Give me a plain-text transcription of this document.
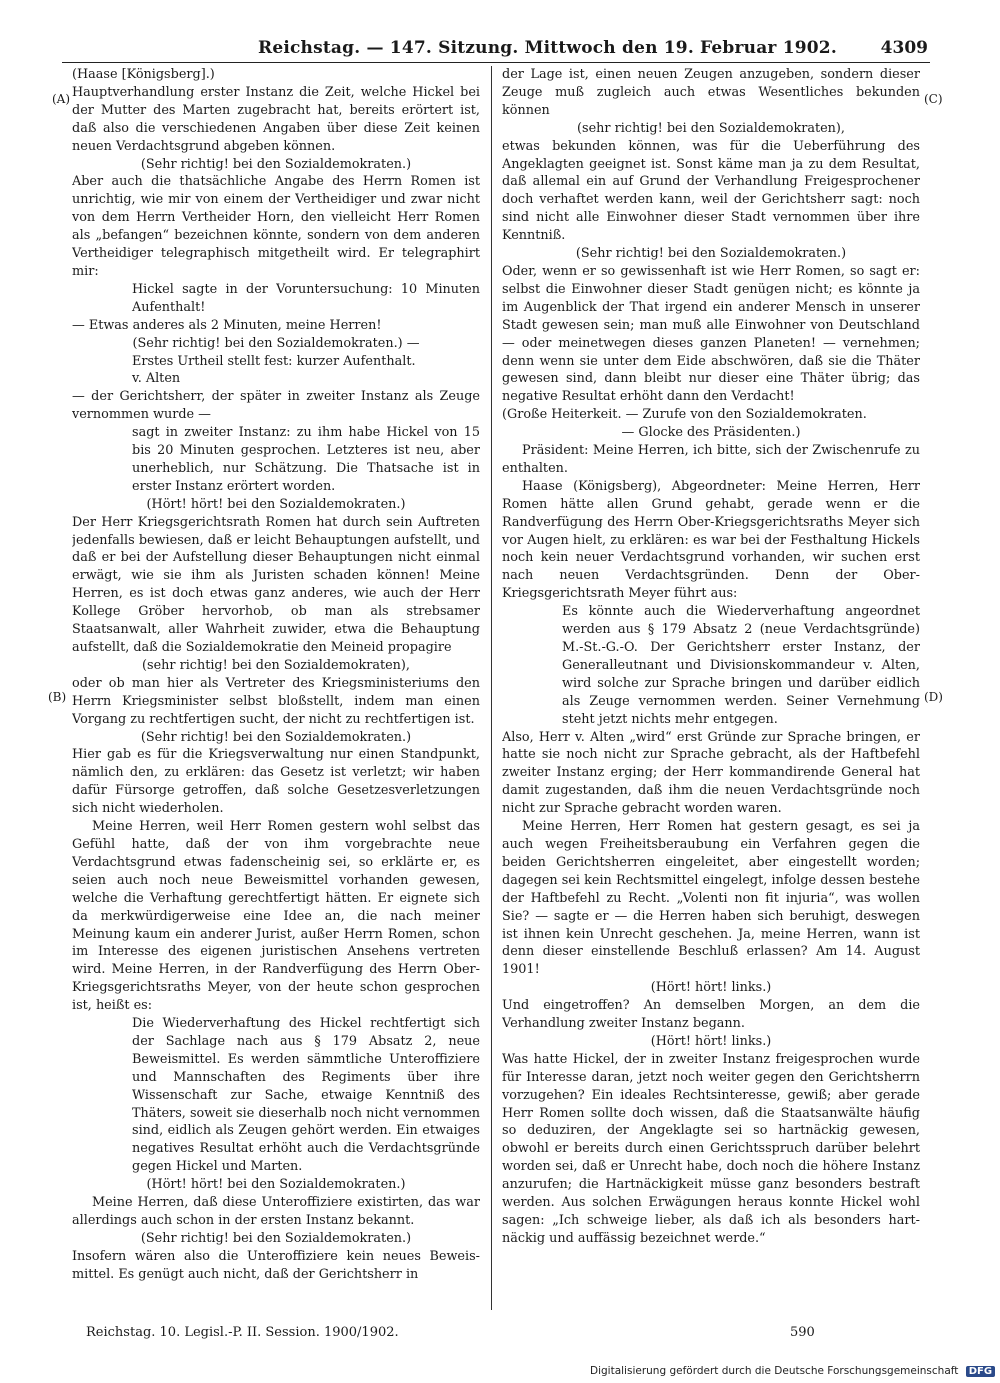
Reichstag. — 147. Sitzung. Mittwoch den 19. Februar 1902.	4309
(A)
(B)
(C)
(D)

(Haase [Königsberg].)

Hauptverhandlung erster Instanz die Zeit, welche Hickel bei der Mutter des Marten zugebracht hat, bereits erörtert ist, daß also die verschiedenen Angaben über diese Zeit keinen neuen Verdachtsgrund abgeben können.

(Sehr richtig! bei den Sozialdemokraten.)

Aber auch die thatsächliche Angabe des Herrn Romen ist unrichtig, wie mir von einem der Vertheidiger und zwar nicht von dem Herrn Vertheider Horn, den vielleicht Herr Romen als „befangen“ bezeichnen könnte, sondern von dem anderen Vertheidiger telegraphisch mitgetheilt wird. Er telegraphirt mir:

Hickel sagte in der Voruntersuchung: 10 Minuten Aufenthalt!

— Etwas anderes als 2 Minuten, meine Herren!

(Sehr richtig! bei den Sozialdemokraten.) —

Erstes Urtheil stellt fest: kurzer Aufenthalt.

v. Alten

— der Gerichtsherr, der später in zweiter Instanz als Zeuge vernommen wurde —

sagt in zweiter Instanz: zu ihm habe Hickel von 15 bis 20 Minuten gesprochen. Letzteres ist neu, aber unerheblich, nur Schätzung. Die Thatsache ist in erster Instanz erörtert worden.

(Hört! hört! bei den Sozialdemokraten.)

Der Herr Kriegsgerichtsrath Romen hat durch sein Auftreten jedenfalls bewiesen, daß er leicht Behauptungen aufstellt, und daß er bei der Aufstellung dieser Behauptungen nicht einmal erwägt, wie sie ihm als Juristen schaden können! Meine Herren, es ist doch etwas ganz anderes, wie auch der Herr Kollege Gröber hervorhob, ob man als strebsamer Staatsanwalt, aller Wahrheit zuwider, etwa die Behauptung aufstellt, daß die Sozialdemokratie den Meineid propagire

(sehr richtig! bei den Sozialdemokraten),

oder ob man hier als Vertreter des Kriegsministeriums den Herrn Kriegsminister selbst bloßstellt, indem man einen Vorgang zu rechtfertigen sucht, der nicht zu rechtfertigen ist.

(Sehr richtig! bei den Sozialdemokraten.)

Hier gab es für die Kriegsverwaltung nur einen Standpunkt, nämlich den, zu erklären: das Gesetz ist verletzt; wir haben dafür Fürsorge getroffen, daß solche Gesetzesverletzungen sich nicht wiederholen.

Meine Herren, weil Herr Romen gestern wohl selbst das Gefühl hatte, daß der von ihm vorgebrachte neue Verdachtsgrund etwas fadenscheinig sei, so erklärte er, es seien auch noch neue Beweismittel vorhanden gewesen, welche die Verhaftung gerechtfertigt hätten. Er eignete sich da merkwürdigerweise eine Idee an, die nach meiner Meinung kaum ein anderer Jurist, außer Herrn Romen, schon im Interesse des eigenen juristischen Ansehens vertreten wird. Meine Herren, in der Randverfügung des Herrn Ober-Kriegsgerichtsraths Meyer, von der heute schon gesprochen ist, heißt es:

Die Wiederverhaftung des Hickel rechtfertigt sich der Sachlage nach aus § 179 Absatz 2, neue Beweismittel. Es werden sämmtliche Unteroffiziere und Mannschaften des Regiments über ihre Wissenschaft zur Sache, etwaige Kenntniß des Thäters, soweit sie dieserhalb noch nicht vernommen sind, eidlich als Zeugen gehört werden. Ein etwaiges negatives Resultat erhöht auch die Verdachtsgründe gegen Hickel und Marten.

(Hört! hört! bei den Sozialdemokraten.)

Meine Herren, daß diese Unteroffiziere existirten, das war allerdings auch schon in der ersten Instanz bekannt.

(Sehr richtig! bei den Sozialdemokraten.)

Insofern wären also die Unteroffiziere kein neues Beweismittel. Es genügt auch nicht, daß der Gerichtsherr in

der Lage ist, einen neuen Zeugen anzugeben, sondern dieser Zeuge muß zugleich auch etwas Wesentliches bekunden können

(sehr richtig! bei den Sozialdemokraten),

etwas bekunden können, was für die Ueberführung des Angeklagten geeignet ist. Sonst käme man ja zu dem Resultat, daß allemal ein auf Grund der Verhandlung Freigesprochener doch verhaftet werden kann, weil der Gerichtsherr sagt: noch sind nicht alle Einwohner dieser Stadt vernommen über ihre Kenntniß.

(Sehr richtig! bei den Sozialdemokraten.)

Oder, wenn er so gewissenhaft ist wie Herr Romen, so sagt er: selbst die Einwohner dieser Stadt genügen nicht; es könnte ja im Augenblick der That irgend ein anderer Mensch in unserer Stadt gewesen sein; man muß alle Einwohner von Deutschland — oder meinetwegen dieses ganzen Planeten! — vernehmen; denn wenn sie unter dem Eide abschwören, daß sie die Thäter gewesen sind, dann bleibt nur dieser eine Thäter übrig; das negative Resultat erhöht dann den Verdacht!

(Große Heiterkeit. — Zurufe von den Sozialdemokraten.

— Glocke des Präsidenten.)

Präsident: Meine Herren, ich bitte, sich der Zwischenrufe zu enthalten.

Haase (Königsberg), Abgeordneter: Meine Herren, Herr Romen hätte allen Grund gehabt, gerade wenn er die Randverfügung des Herrn Ober-Kriegsgerichtsraths Meyer sich vor Augen hielt, zu erklären: es war bei der Festhaltung Hickels noch kein neuer Verdachtsgrund vorhanden, wir suchen erst nach neuen Verdachtsgründen. Denn der Ober-Kriegsgerichtsrath Meyer führt aus:

Es könnte auch die Wiederverhaftung angeordnet werden aus § 179 Absatz 2 (neue Verdachtsgründe) M.-St.-G.-O. Der Gerichtsherr erster Instanz, der Generalleutnant und Divisionskommandeur v. Alten, wird solche zur Sprache bringen und darüber eidlich als Zeuge vernommen werden. Seiner Vernehmung steht jetzt nichts mehr entgegen.

Also, Herr v. Alten „wird“ erst Gründe zur Sprache bringen, er hatte sie noch nicht zur Sprache gebracht, als der Haftbefehl zweiter Instanz erging; der Herr kommandirende General hat damit zugestanden, daß ihm die neuen Verdachtsgründe noch nicht zur Sprache gebracht worden waren.

Meine Herren, Herr Romen hat gestern gesagt, es sei ja auch wegen Freiheitsberaubung ein Verfahren gegen die beiden Gerichtsherren eingeleitet, aber eingestellt worden; dagegen sei kein Rechtsmittel eingelegt, infolge dessen bestehe der Haftbefehl zu Recht. „Volenti non fit injuria“, was wollen Sie? — sagte er — die Herren haben sich beruhigt, deswegen ist ihnen kein Unrecht geschehen. Ja, meine Herren, wann ist denn dieser einstellende Beschluß erlassen? Am 14. August 1901!

(Hört! hört! links.)

Und eingetroffen? An demselben Morgen, an dem die Verhandlung zweiter Instanz begann.

(Hört! hört! links.)

Was hatte Hickel, der in zweiter Instanz freigesprochen wurde für Interesse daran, jetzt noch weiter gegen den Gerichtsherrn vorzugehen? Ein ideales Rechtsinteresse, gewiß; aber gerade Herr Romen sollte doch wissen, daß die Staatsanwälte häufig so deduziren, der Angeklagte sei so hartnäckig gewesen, obwohl er bereits durch einen Gerichtsspruch darüber belehrt worden sei, daß er Unrecht habe, doch noch die höhere Instanz anzurufen; die Hartnäckigkeit müsse ganz besonders bestraft werden. Aus solchen Erwägungen heraus konnte Hickel wohl sagen: „Ich schweige lieber, als daß ich als besonders hartnäckig und auffässig bezeichnet werde.“

Reichstag. 10. Legisl.-P. II. Session. 1900/1902.	590
Digitalisierung gefördert durch die Deutsche Forschungsgemeinschaft DFG
